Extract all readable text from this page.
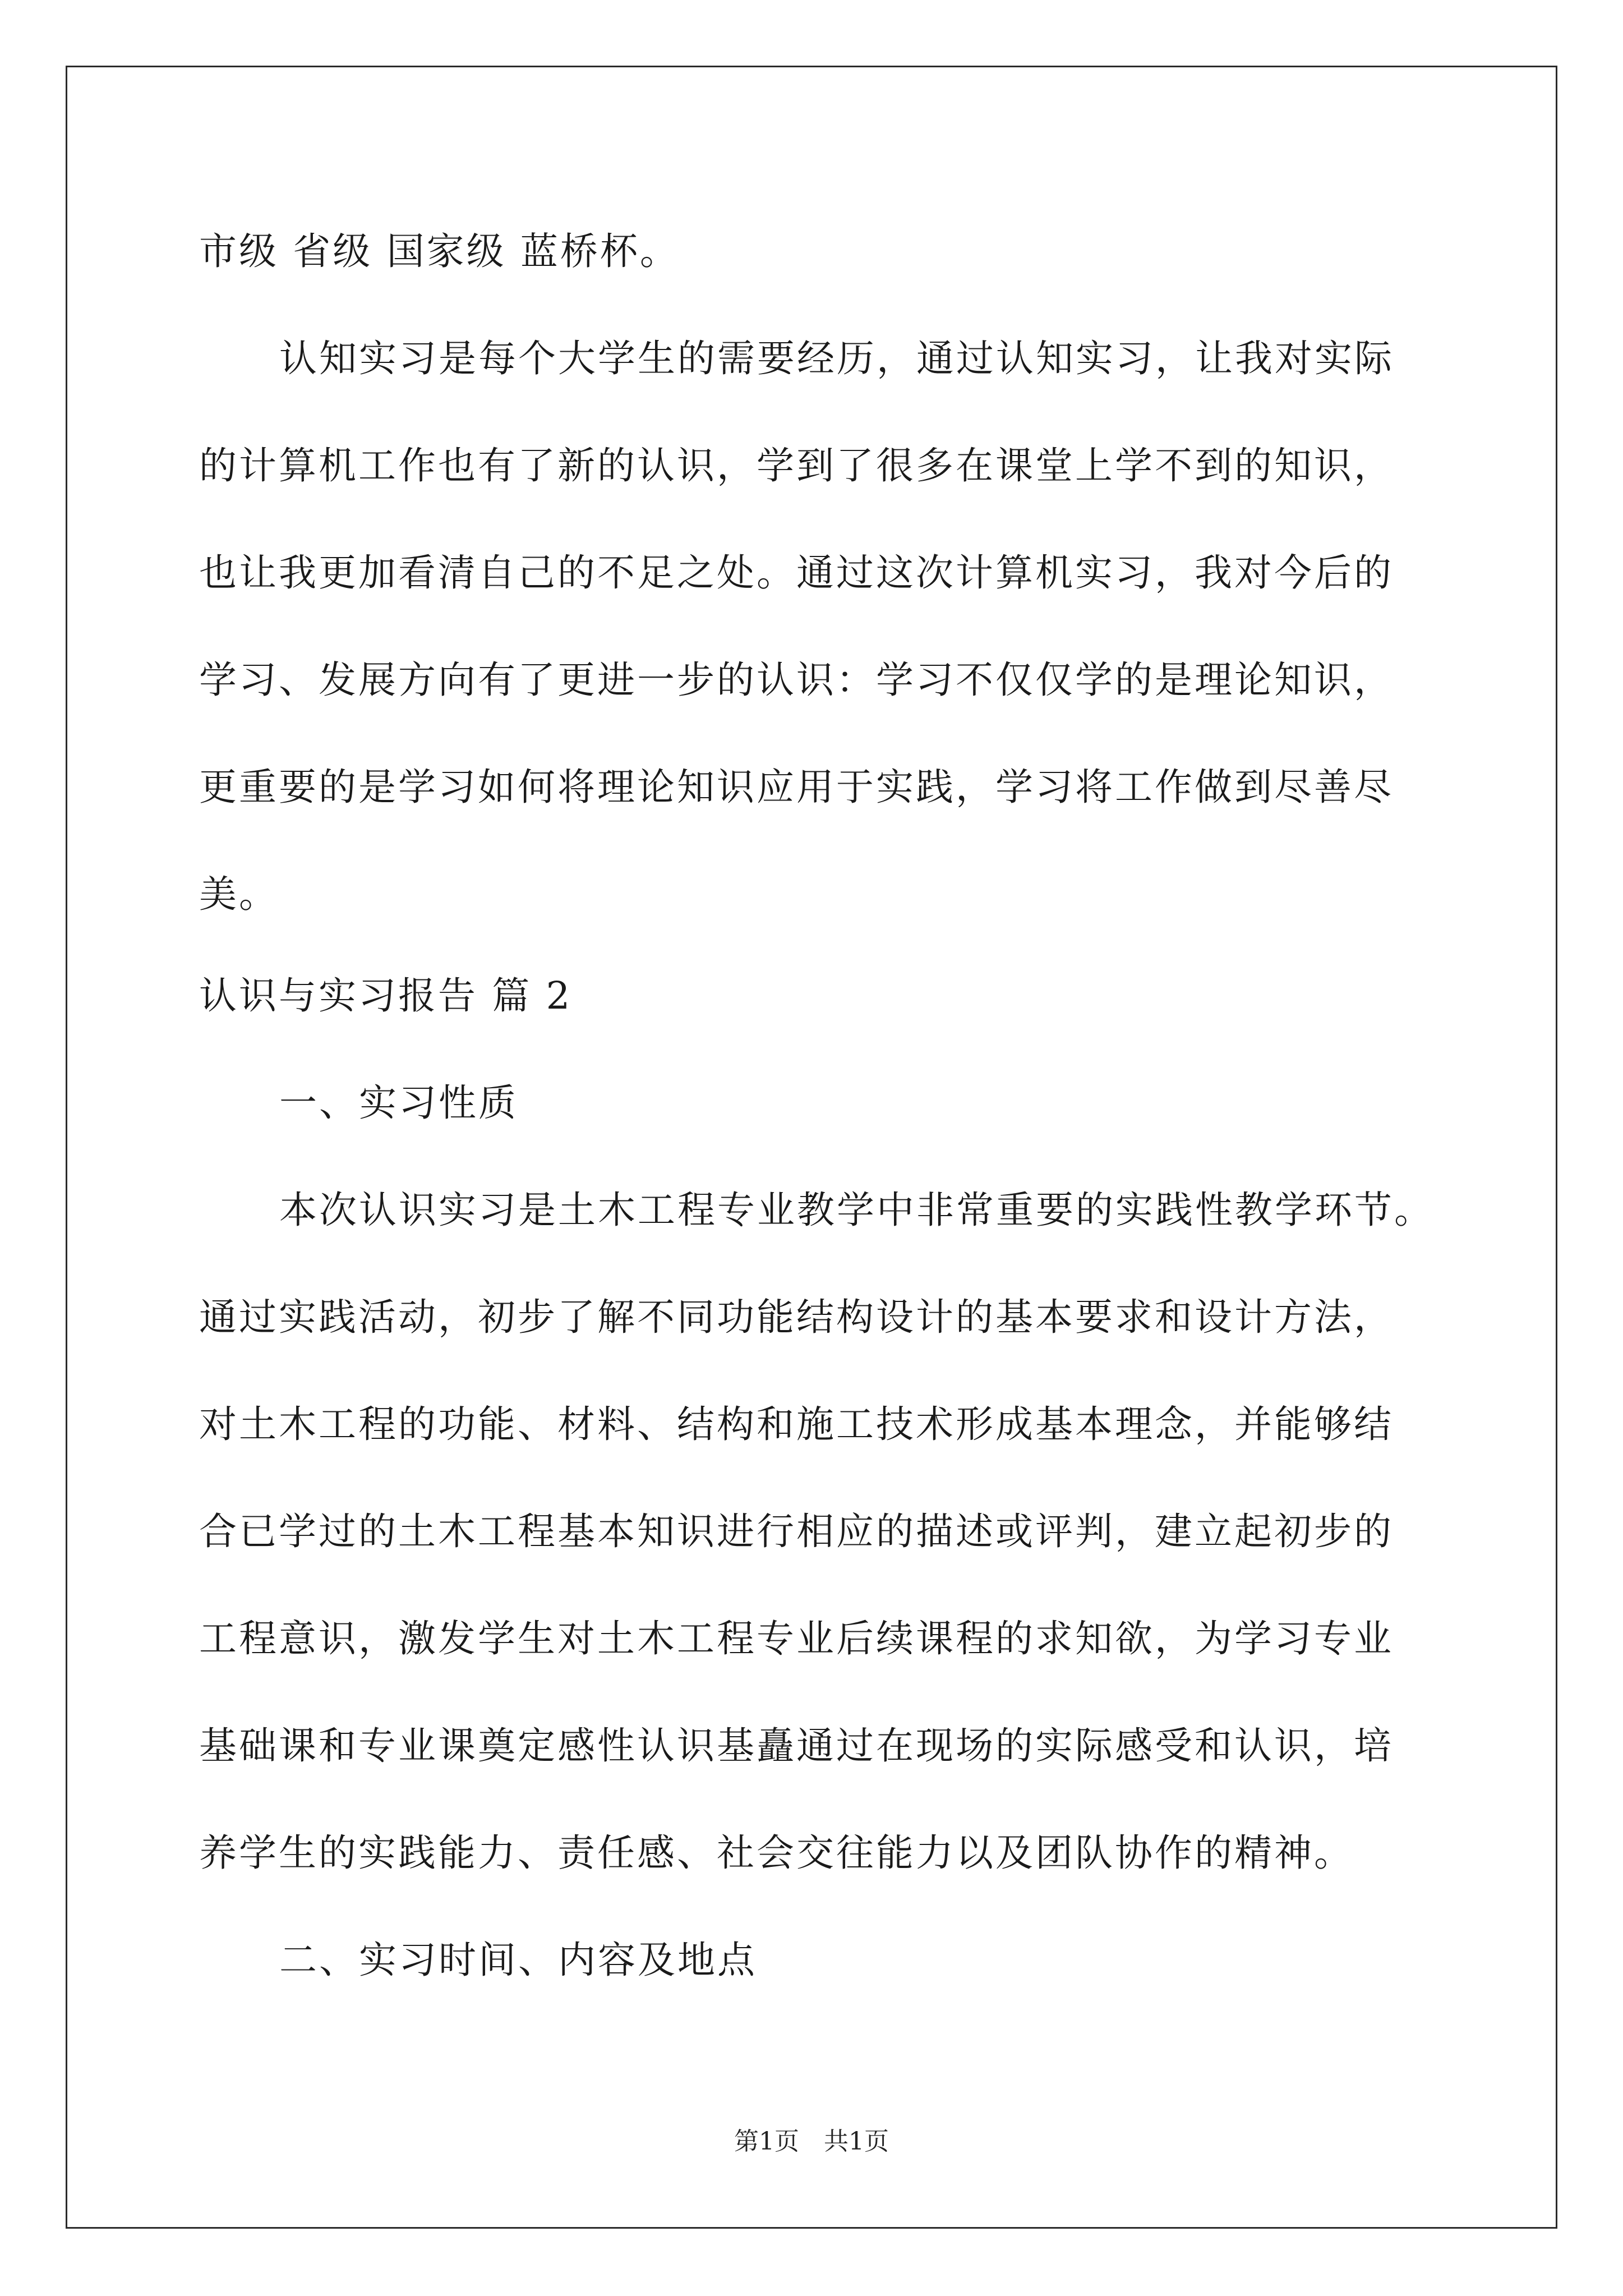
市级 省级 国家级 蓝桥杯。
认知实习是每个大学生的需要经历，通过认知实习，让我对实际
的计算机工作也有了新的认识，学到了很多在课堂上学不到的知识，
也让我更加看清自己的不足之处。通过这次计算机实习，我对今后的
学习、发展方向有了更进一步的认识：学习不仅仅学的是理论知识，
更重要的是学习如何将理论知识应用于实践，学习将工作做到尽善尽
美。
认识与实习报告 篇 2
一、实习性质
本次认识实习是土木工程专业教学中非常重要的实践性教学环节。
通过实践活动，初步了解不同功能结构设计的基本要求和设计方法，
对土木工程的功能、材料、结构和施工技术形成基本理念，并能够结
合已学过的土木工程基本知识进行相应的描述或评判，建立起初步的
工程意识，激发学生对土木工程专业后续课程的求知欲，为学习专业
基础课和专业课奠定感性认识基矗通过在现场的实际感受和认识，培
养学生的实践能力、责任感、社会交往能力以及团队协作的精神。
二、实习时间、内容及地点
第1页　共1页
